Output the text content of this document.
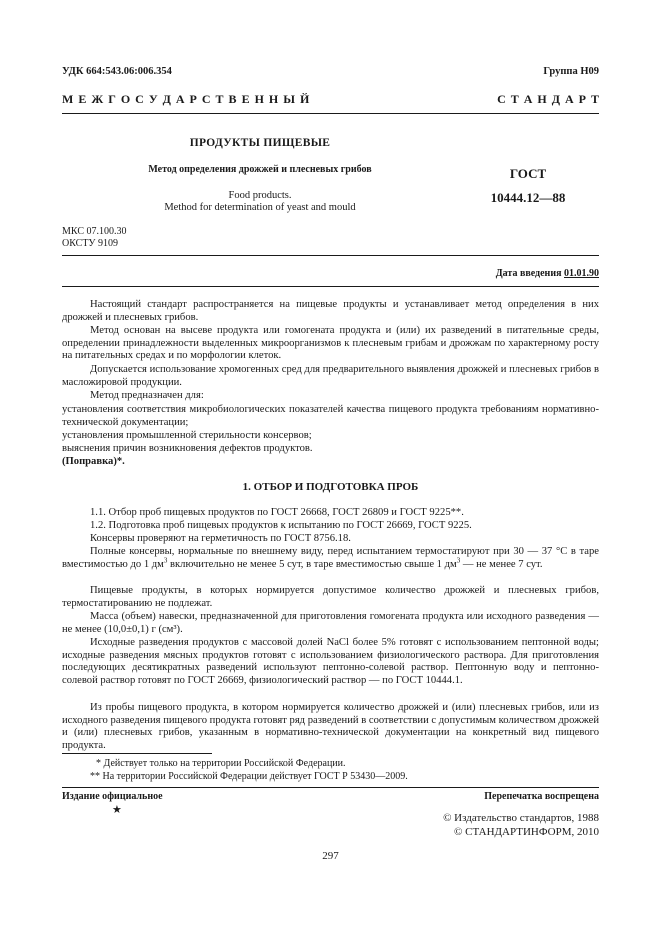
УДК 664:543.06:006.354	Группа Н09
М Е Ж Г О С У Д А Р С Т В Е Н Н Ы Й	С Т А Н Д А Р Т
ПРОДУКТЫ ПИЩЕВЫЕ
Метод определения дрожжей и плесневых грибов
Food products.
Method for determination of yeast and mould
ГОСТ
10444.12—88
МКС 07.100.30
ОКСТУ 9109
Дата введения 01.01.90

Настоящий стандарт распространяется на пищевые продукты и устанавливает метод определения в них дрожжей и плесневых грибов.

Метод основан на высеве продукта или гомогената продукта и (или) их разведений в питательные среды, определении принадлежности выделенных микроорганизмов к плесневым грибам и дрожжам по характерному росту на питательных средах и по морфологии клеток.

Допускается использование хромогенных сред для предварительного выявления дрожжей и плесневых грибов в масложировой продукции.

Метод предназначен для:

установления соответствия микробиологических показателей качества пищевого продукта требованиям нормативно-технической документации;

установления промышленной стерильности консервов;

выяснения причин возникновения дефектов продуктов.

(Поправка)*.

1. ОТБОР И ПОДГОТОВКА ПРОБ

1.1. Отбор проб пищевых продуктов по ГОСТ 26668, ГОСТ 26809 и ГОСТ 9225**.

1.2. Подготовка проб пищевых продуктов к испытанию по ГОСТ 26669, ГОСТ 9225.

Консервы проверяют на герметичность по ГОСТ 8756.18.

Полные консервы, нормальные по внешнему виду, перед испытанием термостатируют при 30 — 37 °С в таре вместимостью до 1 $дм^3$ включительно не менее 5 сут, в таре вместимостью свыше 1 $дм^3$ — не менее 7 сут.

Пищевые продукты, в которых нормируется допустимое количество дрожжей и плесневых грибов, термостатированию не подлежат.

Масса (объем) навески, предназначенной для приготовления гомогената продукта или исходного разведения — не менее (10,0±0,1) г (см³).

Исходные разведения продуктов с массовой долей NaCl более 5% готовят с использованием пептонной воды; исходные разведения мясных продуктов готовят с использованием физиологического раствора. Для приготовления последующих десятикратных разведений используют пептонно-солевой раствор. Пептонную воду и пептонно-солевой раствор готовят по ГОСТ 26669, физиологический раствор — по ГОСТ 10444.1.

Из пробы пищевого продукта, в котором нормируется количество дрожжей и (или) плесневых грибов, или из исходного разведения пищевого продукта готовят ряд разведений в соответствии с допустимым количеством дрожжей и (или) плесневых грибов, указанным в нормативно-технической документации на конкретный вид пищевого продукта.

* Действует только на территории Российской Федерации.
** На территории Российской Федерации действует ГОСТ Р 53430—2009.
Издание официальное
★
Перепечатка воспрещена
© Издательство стандартов, 1988
© СТАНДАРТИНФОРМ, 2010
297
